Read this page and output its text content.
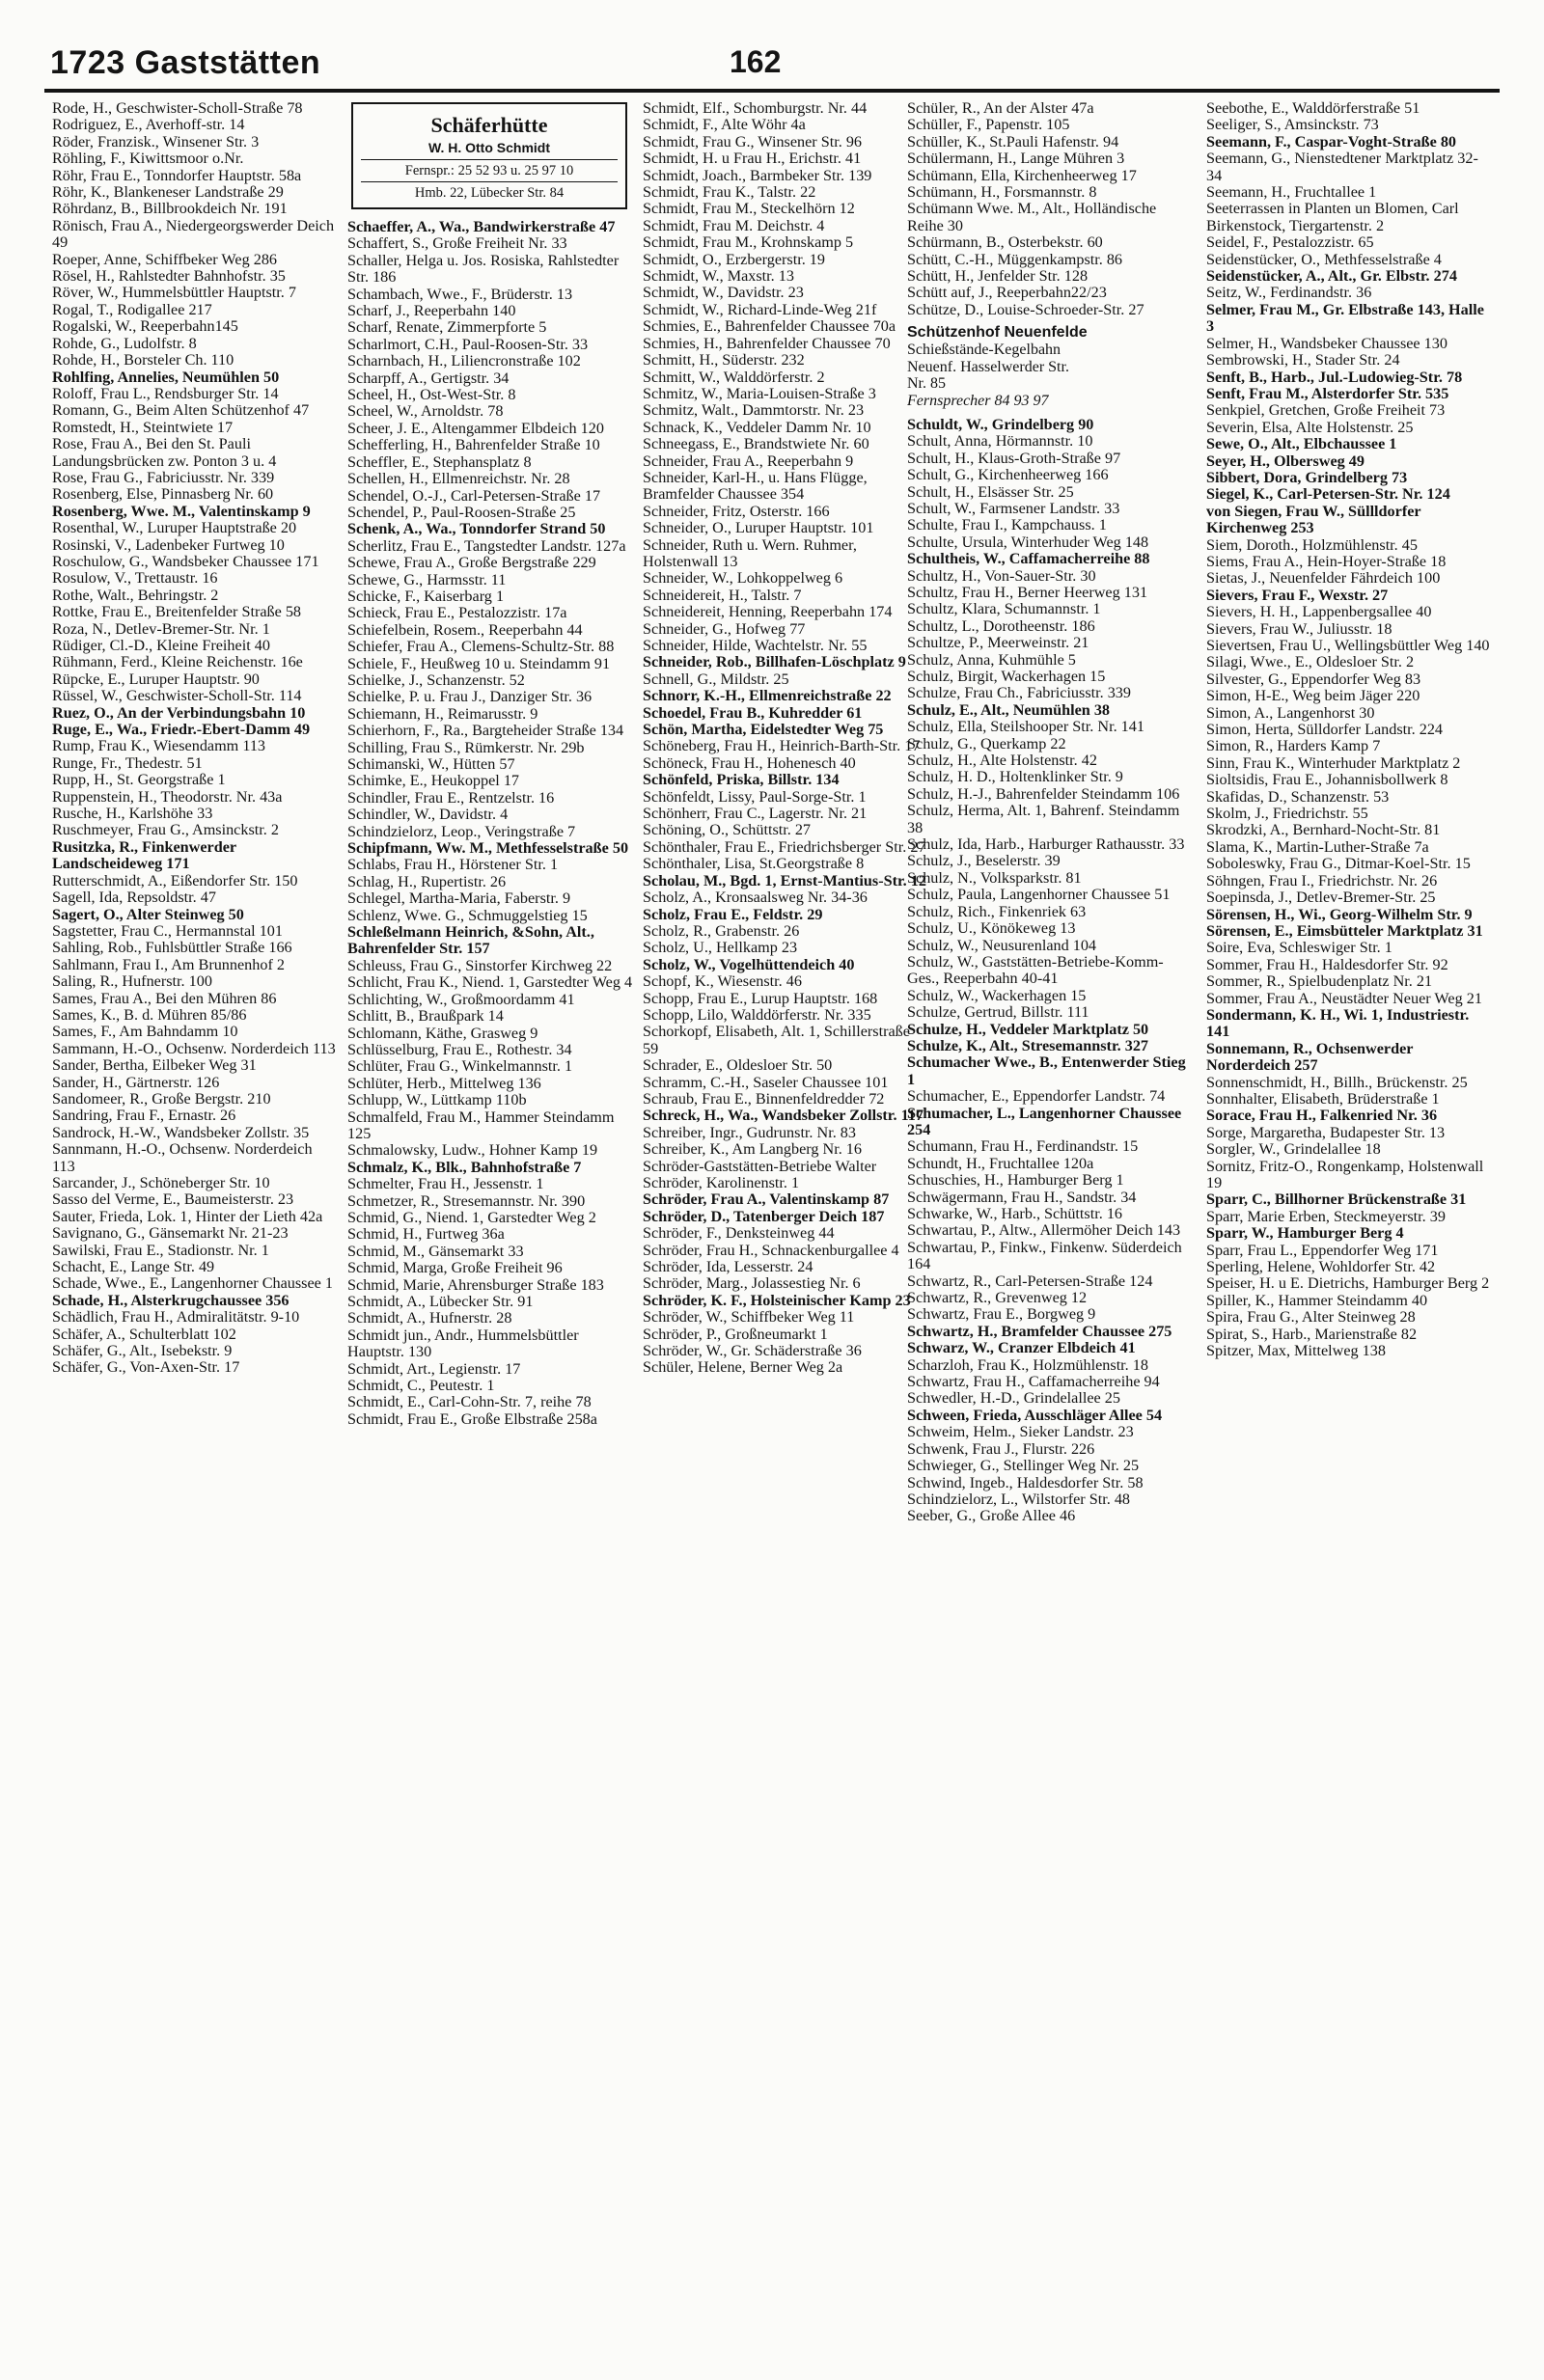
1723 Gaststätten	162

Rode, H., Geschwister-Scholl-Straße 78

Rodriguez, E., Averhoff-str. 14

Röder, Franzisk., Winsener Str. 3

Röhling, F., Kiwittsmoor o.Nr.

Röhr, Frau E., Tonndorfer Hauptstr. 58a

Röhr, K., Blankeneser Landstraße 29

Röhrdanz, B., Billbrookdeich Nr. 191

Rönisch, Frau A., Niedergeorgswerder Deich 49

Roeper, Anne, Schiffbeker Weg 286

Rösel, H., Rahlstedter Bahnhofstr. 35

Röver, W., Hummelsbüttler Hauptstr. 7

Rogal, T., Rodigallee 217

Rogalski, W., Reeperbahn145

Rohde, G., Ludolfstr. 8

Rohde, H., Borsteler Ch. 110

Rohlfing, Annelies, Neumühlen 50

Roloff, Frau L., Rendsburger Str. 14

Romann, G., Beim Alten Schützenhof 47

Romstedt, H., Steintwiete 17

Rose, Frau A., Bei den St. Pauli Landungsbrücken zw. Ponton 3 u. 4

Rose, Frau G., Fabriciusstr. Nr. 339

Rosenberg, Else, Pinnasberg Nr. 60

Rosenberg, Wwe. M., Valentinskamp 9

Rosenthal, W., Luruper Hauptstraße 20

Rosinski, V., Ladenbeker Furtweg 10

Roschulow, G., Wandsbeker Chaussee 171

Rosulow, V., Trettaustr. 16

Rothe, Walt., Behringstr. 2

Rottke, Frau E., Breitenfelder Straße 58

Roza, N., Detlev-Bremer-Str. Nr. 1

Rüdiger, Cl.-D., Kleine Freiheit 40

Rühmann, Ferd., Kleine Reichenstr. 16e

Rüpcke, E., Luruper Hauptstr. 90

Rüssel, W., Geschwister-Scholl-Str. 114

Ruez, O., An der Verbindungsbahn 10

Ruge, E., Wa., Friedr.-Ebert-Damm 49

Rump, Frau K., Wiesendamm 113

Runge, Fr., Thedestr. 51

Rupp, H., St. Georgstraße 1

Ruppenstein, H., Theodorstr. Nr. 43a

Rusche, H., Karlshöhe 33

Ruschmeyer, Frau G., Amsinckstr. 2

Rusitzka, R., Finkenwerder Landscheideweg 171

Rutterschmidt, A., Eißendorfer Str. 150

Sagell, Ida, Repsoldstr. 47

Sagert, O., Alter Steinweg 50

Sagstetter, Frau C., Hermannstal 101

Sahling, Rob., Fuhlsbüttler Straße 166

Sahlmann, Frau I., Am Brunnenhof 2

Saling, R., Hufnerstr. 100

Sames, Frau A., Bei den Mühren 86

Sames, K., B. d. Mühren 85/86

Sames, F., Am Bahndamm 10

Sammann, H.-O., Ochsenw. Norderdeich 113

Sander, Bertha, Eilbeker Weg 31

Sander, H., Gärtnerstr. 126

Sandomeer, R., Große Bergstr. 210

Sandring, Frau F., Ernastr. 26

Sandrock, H.-W., Wandsbeker Zollstr. 35

Sannmann, H.-O., Ochsenw. Norderdeich 113

Sarcander, J., Schöneberger Str. 10

Sasso del Verme, E., Baumeisterstr. 23

Sauter, Frieda, Lok. 1, Hinter der Lieth 42a

Savignano, G., Gänsemarkt Nr. 21-23

Sawilski, Frau E., Stadionstr. Nr. 1

Schacht, E., Lange Str. 49

Schade, Wwe., E., Langenhorner Chaussee 1

Schade, H., Alsterkrugchaussee 356

Schädlich, Frau H., Admiralitätstr. 9-10

Schäfer, A., Schulterblatt 102

Schäfer, G., Alt., Isebekstr. 9

Schäfer, G., Von-Axen-Str. 17

Schäferhütte
W. H. Otto Schmidt
Fernspr.: 25 52 93 u. 25 97 10
Hmb. 22, Lübecker Str. 84

Schaeffer, A., Wa., Bandwirkerstraße 47

Schaffert, S., Große Freiheit Nr. 33

Schaller, Helga u. Jos. Rosiska, Rahlstedter Str. 186

Schambach, Wwe., F., Brüderstr. 13

Scharf, J., Reeperbahn 140

Scharf, Renate, Zimmerpforte 5

Scharlmort, C.H., Paul-Roosen-Str. 33

Scharnbach, H., Liliencronstraße 102

Scharpff, A., Gertigstr. 34

Scheel, H., Ost-West-Str. 8

Scheel, W., Arnoldstr. 78

Scheer, J. E., Altengammer Elbdeich 120

Schefferling, H., Bahrenfelder Straße 10

Scheffler, E., Stephansplatz 8

Schellen, H., Ellmenreichstr. Nr. 28

Schendel, O.-J., Carl-Petersen-Straße 17

Schendel, P., Paul-Roosen-Straße 25

Schenk, A., Wa., Tonndorfer Strand 50

Scherlitz, Frau E., Tangstedter Landstr. 127a

Schewe, Frau A., Große Bergstraße 229

Schewe, G., Harmsstr. 11

Schicke, F., Kaiserbarg 1

Schieck, Frau E., Pestalozzistr. 17a

Schiefelbein, Rosem., Reeperbahn 44

Schiefer, Frau A., Clemens-Schultz-Str. 88

Schiele, F., Heußweg 10 u. Steindamm 91

Schielke, J., Schanzenstr. 52

Schielke, P. u. Frau J., Danziger Str. 36

Schiemann, H., Reimarusstr. 9

Schierhorn, F., Ra., Bargteheider Straße 134

Schilling, Frau S., Rümkerstr. Nr. 29b

Schimanski, W., Hütten 57

Schimke, E., Heukoppel 17

Schindler, Frau E., Rentzelstr. 16

Schindler, W., Davidstr. 4

Schindzielorz, Leop., Veringstraße 7

Schipfmann, Ww. M., Methfesselstraße 50

Schlabs, Frau H., Hörstener Str. 1

Schlag, H., Rupertistr. 26

Schlegel, Martha-Maria, Faberstr. 9

Schlenz, Wwe. G., Schmuggelstieg 15

Schleßelmann Heinrich, &Sohn, Alt., Bahrenfelder Str. 157

Schleuss, Frau G., Sinstorfer Kirchweg 22

Schlicht, Frau K., Niend. 1, Garstedter Weg 4

Schlichting, W., Großmoordamm 41

Schlitt, B., Braußpark 14

Schlomann, Käthe, Grasweg 9

Schlüsselburg, Frau E., Rothestr. 34

Schlüter, Frau G., Winkelmannstr. 1

Schlüter, Herb., Mittelweg 136

Schlupp, W., Lüttkamp 110b

Schmalfeld, Frau M., Hammer Steindamm 125

Schmalowsky, Ludw., Hohner Kamp 19

Schmalz, K., Blk., Bahnhofstraße 7

Schmelter, Frau H., Jessenstr. 1

Schmetzer, R., Stresemannstr. Nr. 390

Schmid, G., Niend. 1, Garstedter Weg 2

Schmid, H., Furtweg 36a

Schmid, M., Gänsemarkt 33

Schmid, Marga, Große Freiheit 96

Schmid, Marie, Ahrensburger Straße 183

Schmidt, A., Lübecker Str. 91

Schmidt, A., Hufnerstr. 28

Schmidt jun., Andr., Hummelsbüttler Hauptstr. 130

Schmidt, Art., Legienstr. 17

Schmidt, C., Peutestr. 1

Schmidt, E., Carl-Cohn-Str. 7, reihe 78

Schmidt, Frau E., Große Elbstraße 258a

Schmidt, Elf., Schomburgstr. Nr. 44

Schmidt, F., Alte Wöhr 4a

Schmidt, Frau G., Winsener Str. 96

Schmidt, H. u Frau H., Erichstr. 41

Schmidt, Joach., Barmbeker Str. 139

Schmidt, Frau K., Talstr. 22

Schmidt, Frau M., Steckelhörn 12

Schmidt, Frau M. Deichstr. 4

Schmidt, Frau M., Krohnskamp 5

Schmidt, O., Erzbergerstr. 19

Schmidt, W., Maxstr. 13

Schmidt, W., Davidstr. 23

Schmidt, W., Richard-Linde-Weg 21f

Schmies, E., Bahrenfelder Chaussee 70a

Schmies, H., Bahrenfelder Chaussee 70

Schmitt, H., Süderstr. 232

Schmitt, W., Walddörferstr. 2

Schmitz, W., Maria-Louisen-Straße 3

Schmitz, Walt., Dammtorstr. Nr. 23

Schnack, K., Veddeler Damm Nr. 10

Schneegass, E., Brandstwiete Nr. 60

Schneider, Frau A., Reeperbahn 9

Schneider, Karl-H., u. Hans Flügge, Bramfelder Chaussee 354

Schneider, Fritz, Osterstr. 166

Schneider, O., Luruper Hauptstr. 101

Schneider, Ruth u. Wern. Ruhmer, Holstenwall 13

Schneider, W., Lohkoppelweg 6

Schneidereit, H., Talstr. 7

Schneidereit, Henning, Reeperbahn 174

Schneider, G., Hofweg 77

Schneider, Hilde, Wachtelstr. Nr. 55

Schneider, Rob., Billhafen-Löschplatz 9

Schnell, G., Mildstr. 25

Schnorr, K.-H., Ellmenreichstraße 22

Schoedel, Frau B., Kuhredder 61

Schön, Martha, Eidelstedter Weg 75

Schöneberg, Frau H., Heinrich-Barth-Str. 17

Schöneck, Frau H., Hohenesch 40

Schönfeld, Priska, Billstr. 134

Schönfeldt, Lissy, Paul-Sorge-Str. 1

Schönherr, Frau C., Lagerstr. Nr. 21

Schöning, O., Schüttstr. 27

Schönthaler, Frau E., Friedrichsberger Str. 27

Schönthaler, Lisa, St.Georgstraße 8

Scholau, M., Bgd. 1, Ernst-Mantius-Str. 12

Scholz, A., Kronsaalsweg Nr. 34-36

Scholz, Frau E., Feldstr. 29

Scholz, R., Grabenstr. 26

Scholz, U., Hellkamp 23

Scholz, W., Vogelhüttendeich 40

Schopf, K., Wiesenstr. 46

Schopp, Frau E., Lurup Hauptstr. 168

Schopp, Lilo, Walddörferstr. Nr. 335

Schorkopf, Elisabeth, Alt. 1, Schillerstraße 59

Schrader, E., Oldesloer Str. 50

Schramm, C.-H., Saseler Chaussee 101

Schraub, Frau E., Binnenfeldredder 72

Schreck, H., Wa., Wandsbeker Zollstr. 117

Schreiber, Ingr., Gudrunstr. Nr. 83

Schreiber, K., Am Langberg Nr. 16

Schröder-Gaststätten-Betriebe Walter Schröder, Karolinenstr. 1

Schröder, Frau A., Valentinskamp 87

Schröder, D., Tatenberger Deich 187

Schröder, F., Denksteinweg 44

Schröder, Frau H., Schnackenburgallee 4

Schröder, Ida, Lesserstr. 24

Schröder, Marg., Jolassestieg Nr. 6

Schröder, K. F., Holsteinischer Kamp 23

Schröder, W., Schiffbeker Weg 11

Schröder, P., Großneumarkt 1

Schröder, W., Gr. Schäderstraße 36

Schüler, Helene, Berner Weg 2a

Schüler, R., An der Alster 47a

Schüller, F., Papenstr. 105

Schüller, K., St.Pauli Hafenstr. 94

Schülermann, H., Lange Mühren 3

Schümann, Ella, Kirchenheerweg 17

Schümann, H., Forsmannstr. 8

Schümann Wwe. M., Alt., Holländische Reihe 30

Schürmann, B., Osterbekstr. 60

Schütt, C.-H., Müggenkampstr. 86

Schütt, H., Jenfelder Str. 128

Schütt auf, J., Reeperbahn22/23

Schütze, D., Louise-Schroeder-Str. 27

Schützenhof Neuenfelde
Schießstände-Kegelbahn
Neuenf. Hasselwerder Str.
Nr. 85
Fernsprecher 84 93 97

Schuldt, W., Grindelberg 90

Schult, Anna, Hörmannstr. 10

Schult, H., Klaus-Groth-Straße 97

Schult, G., Kirchenheerweg 166

Schult, H., Elsässer Str. 25

Schult, W., Farmsener Landstr. 33

Schulte, Frau I., Kampchauss. 1

Schulte, Ursula, Winterhuder Weg 148

Schultheis, W., Caffamacherreihe 88

Schultz, H., Von-Sauer-Str. 30

Schultz, Frau H., Berner Heerweg 131

Schultz, Klara, Schumannstr. 1

Schultz, L., Dorotheenstr. 186

Schultze, P., Meerweinstr. 21

Schulz, Anna, Kuhmühle 5

Schulz, Birgit, Wackerhagen 15

Schulze, Frau Ch., Fabriciusstr. 339

Schulz, E., Alt., Neumühlen 38

Schulz, Ella, Steilshooper Str. Nr. 141

Schulz, G., Querkamp 22

Schulz, H., Alte Holstenstr. 42

Schulz, H. D., Holtenklinker Str. 9

Schulz, H.-J., Bahrenfelder Steindamm 106

Schulz, Herma, Alt. 1, Bahrenf. Steindamm 38

Schulz, Ida, Harb., Harburger Rathausstr. 33

Schulz, J., Beselerstr. 39

Schulz, N., Volksparkstr. 81

Schulz, Paula, Langenhorner Chaussee 51

Schulz, Rich., Finkenriek 63

Schulz, U., Könökeweg 13

Schulz, W., Neusurenland 104

Schulz, W., Gaststätten-Betriebe-Komm-Ges., Reeperbahn 40-41

Schulz, W., Wackerhagen 15

Schulze, Gertrud, Billstr. 111

Schulze, H., Veddeler Marktplatz 50

Schulze, K., Alt., Stresemannstr. 327

Schumacher Wwe., B., Entenwerder Stieg 1

Schumacher, E., Eppendorfer Landstr. 74

Schumacher, L., Langenhorner Chaussee 254

Schumann, Frau H., Ferdinandstr. 15

Schundt, H., Fruchtallee 120a

Schuschies, H., Hamburger Berg 1

Schwägermann, Frau H., Sandstr. 34

Schwarke, W., Harb., Schüttstr. 16

Schwartau, P., Altw., Allermöher Deich 143

Schwartau, P., Finkw., Finkenw. Süderdeich 164

Schwartz, R., Carl-Petersen-Straße 124

Schwartz, R., Grevenweg 12

Schwartz, Frau E., Borgweg 9

Schwartz, H., Bramfelder Chaussee 275

Schwarz, W., Cranzer Elbdeich 41

Scharzloh, Frau K., Holzmühlenstr. 18

Schwartz, Frau H., Caffamacherreihe 94

Schwedler, H.-D., Grindelallee 25

Schween, Frieda, Ausschläger Allee 54

Schweim, Helm., Sieker Landstr. 23

Schwenk, Frau J., Flurstr. 226

Schwieger, G., Stellinger Weg Nr. 25

Schwind, Ingeb., Haldesdorfer Str. 58

Schindzielorz, L., Wilstorfer Str. 48

Seeber, G., Große Allee 46

Seebothe, E., Walddörferstraße 51

Seeliger, S., Amsinckstr. 73

Seemann, F., Caspar-Voght-Straße 80

Seemann, G., Nienstedtener Marktplatz 32-34

Seemann, H., Fruchtallee 1

Seeterrassen in Planten un Blomen, Carl Birkenstock, Tiergartenstr. 2

Seidel, F., Pestalozzistr. 65

Seidenstücker, O., Methfesselstraße 4

Seidenstücker, A., Alt., Gr. Elbstr. 274

Seitz, W., Ferdinandstr. 36

Selmer, Frau M., Gr. Elbstraße 143, Halle 3

Selmer, H., Wandsbeker Chaussee 130

Sembrowski, H., Stader Str. 24

Senft, B., Harb., Jul.-Ludowieg-Str. 78

Senft, Frau M., Alsterdorfer Str. 535

Senkpiel, Gretchen, Große Freiheit 73

Severin, Elsa, Alte Holstenstr. 25

Sewe, O., Alt., Elbchaussee 1

Seyer, H., Olbersweg 49

Sibbert, Dora, Grindelberg 73

Siegel, K., Carl-Petersen-Str. Nr. 124

von Siegen, Frau W., Süllldorfer Kirchenweg 253

Siem, Doroth., Holzmühlenstr. 45

Siems, Frau A., Hein-Hoyer-Straße 18

Sietas, J., Neuenfelder Fährdeich 100

Sievers, Frau F., Wexstr. 27

Sievers, H. H., Lappenbergsallee 40

Sievers, Frau W., Juliusstr. 18

Sievertsen, Frau U., Wellingsbüttler Weg 140

Silagi, Wwe., E., Oldesloer Str. 2

Silvester, G., Eppendorfer Weg 83

Simon, H-E., Weg beim Jäger 220

Simon, A., Langenhorst 30

Simon, Herta, Sülldorfer Landstr. 224

Simon, R., Harders Kamp 7

Sinn, Frau K., Winterhuder Marktplatz 2

Sioltsidis, Frau E., Johannisbollwerk 8

Skafidas, D., Schanzenstr. 53

Skolm, J., Friedrichstr. 55

Skrodzki, A., Bernhard-Nocht-Str. 81

Slama, K., Martin-Luther-Straße 7a

Soboleswky, Frau G., Ditmar-Koel-Str. 15

Söhngen, Frau I., Friedrichstr. Nr. 26

Soepinsda, J., Detlev-Bremer-Str. 25

Sörensen, H., Wi., Georg-Wilhelm Str. 9

Sörensen, E., Eimsbütteler Marktplatz 31

Soire, Eva, Schleswiger Str. 1

Sommer, Frau H., Haldesdorfer Str. 92

Sommer, R., Spielbudenplatz Nr. 21

Sommer, Frau A., Neustädter Neuer Weg 21

Sondermann, K. H., Wi. 1, Industriestr. 141

Sonnemann, R., Ochsenwerder Norderdeich 257

Sonnenschmidt, H., Billh., Brückenstr. 25

Sonnhalter, Elisabeth, Brüderstraße 1

Sorace, Frau H., Falkenried Nr. 36

Sorge, Margaretha, Budapester Str. 13

Sorgler, W., Grindelallee 18

Sornitz, Fritz-O., Rongenkamp, Holstenwall 19

Sparr, C., Billhorner Brückenstraße 31

Sparr, Marie Erben, Steckmeyerstr. 39

Sparr, W., Hamburger Berg 4

Sparr, Frau L., Eppendorfer Weg 171

Sperling, Helene, Wohldorfer Str. 42

Speiser, H. u E. Dietrichs, Hamburger Berg 2

Spiller, K., Hammer Steindamm 40

Spira, Frau G., Alter Steinweg 28

Spirat, S., Harb., Marienstraße 82

Spitzer, Max, Mittelweg 138
